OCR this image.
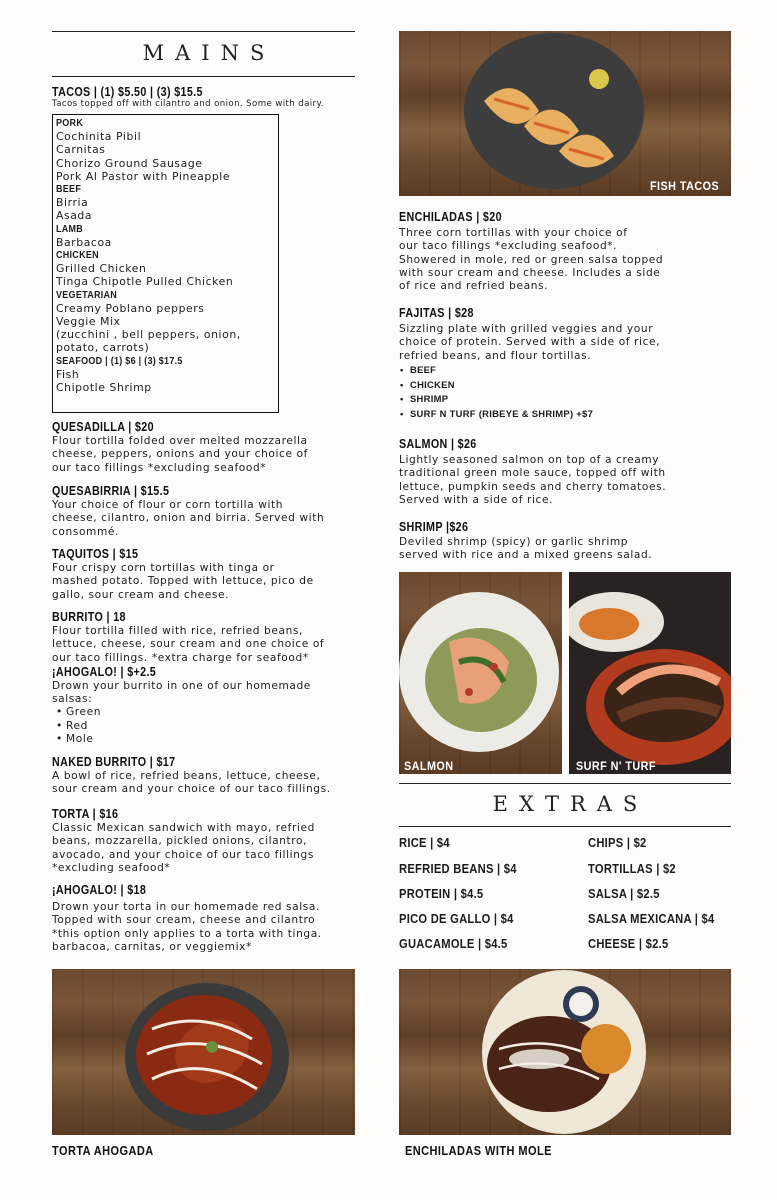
MAINS
TACOS | (1) $5.50 | (3) $15.5
Tacos topped off with cilantro and onion. Some with dairy.
PORK
Cochinita Pibil
Carnitas
Chorizo Ground Sausage
Pork Al Pastor with Pineapple
BEEF
Birria
Asada
LAMB
Barbacoa
CHICKEN
Grilled Chicken
Tinga Chipotle Pulled Chicken
VEGETARIAN
Creamy Poblano peppers
Veggie Mix
(zucchini , bell peppers, onion,
potato, carrots)
SEAFOOD | (1) $6 | (3) $17.5
Fish
Chipotle Shrimp
QUESADILLA | $20
Flour tortilla folded over melted mozzarella
cheese, peppers, onions and your choice of
our taco fillings *excluding seafood*
QUESABIRRIA | $15.5
Your choice of flour or corn tortilla with
cheese, cilantro, onion and birria. Served with
consommé.
TAQUITOS | $15
Four crispy corn tortillas with tinga or
mashed potato. Topped with lettuce, pico de
gallo, sour cream and cheese.
BURRITO | 18
Flour tortilla filled with rice, refried beans,
lettuce, cheese, sour cream and one choice of
our taco fillings. *extra charge for seafood*
¡AHOGALO! | $+2.5
Drown your burrito in one of our homemade
salsas:
• Green
• Red
• Mole
NAKED BURRITO | $17
A bowl of rice, refried beans, lettuce, cheese,
sour cream and your choice of our taco fillings.
TORTA | $16
Classic Mexican sandwich with mayo, refried
beans, mozzarella, pickled onions, cilantro,
avocado, and your choice of our taco fillings
*excluding seafood*
¡AHOGALO! | $18
Drown your torta in our homemade red salsa.
Topped with sour cream, cheese and cilantro
*this option only applies to a torta with tinga.
barbacoa, carnitas, or veggiemix*
TORTA AHOGADA
FISH TACOS
ENCHILADAS | $20
Three corn tortillas with your choice of
our taco fillings *excluding seafood*.
Showered in mole, red or green salsa topped
with sour cream and cheese. Includes a side
of rice and refried beans.
FAJITAS | $28
Sizzling plate with grilled veggies and your
choice of protein. Served with a side of rice,
refried beans, and flour tortillas.
• BEEF
• CHICKEN
• SHRIMP
• SURF N TURF (RIBEYE & SHRIMP) +$7
SALMON | $26
Lightly seasoned salmon on top of a creamy
traditional green mole sauce, topped off with
lettuce, pumpkin seeds and cherry tomatoes.
Served with a side of rice.
SHRIMP |$26
Deviled shrimp (spicy) or garlic shrimp
served with rice and a mixed greens salad.
SALMON	SURF N' TURF
EXTRAS
RICE | $4
REFRIED BEANS | $4
PROTEIN | $4.5
PICO DE GALLO | $4
GUACAMOLE | $4.5
CHIPS | $2
TORTILLAS | $2
SALSA | $2.5
SALSA MEXICANA | $4
CHEESE | $2.5
ENCHILADAS WITH MOLE
